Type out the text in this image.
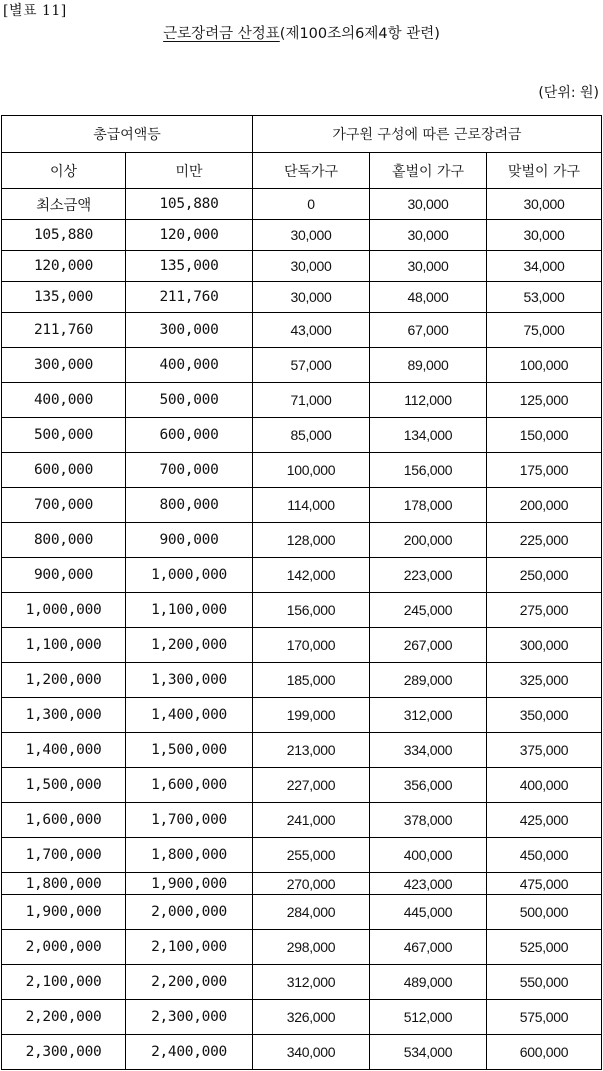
[별표 11]
근로장려금 산정표(제100조의6제4항 관련)
(단위: 원)
총급여액등		가구원 구성에 따른 근로장려금		
이상	미만	단독가구	홑벌이 가구	맞벌이 가구
최소금액	105,880	0	30,000	30,000
105,880	120,000	30,000	30,000	30,000
120,000	135,000	30,000	30,000	34,000
135,000	211,760	30,000	48,000	53,000
211,760	300,000	43,000	67,000	75,000
300,000	400,000	57,000	89,000	100,000
400,000	500,000	71,000	112,000	125,000
500,000	600,000	85,000	134,000	150,000
600,000	700,000	100,000	156,000	175,000
700,000	800,000	114,000	178,000	200,000
800,000	900,000	128,000	200,000	225,000
900,000	1,000,000	142,000	223,000	250,000
1,000,000	1,100,000	156,000	245,000	275,000
1,100,000	1,200,000	170,000	267,000	300,000
1,200,000	1,300,000	185,000	289,000	325,000
1,300,000	1,400,000	199,000	312,000	350,000
1,400,000	1,500,000	213,000	334,000	375,000
1,500,000	1,600,000	227,000	356,000	400,000
1,600,000	1,700,000	241,000	378,000	425,000
1,700,000	1,800,000	255,000	400,000	450,000
1,800,000	1,900,000	270,000	423,000	475,000
1,900,000	2,000,000	284,000	445,000	500,000
2,000,000	2,100,000	298,000	467,000	525,000
2,100,000	2,200,000	312,000	489,000	550,000
2,200,000	2,300,000	326,000	512,000	575,000
2,300,000	2,400,000	340,000	534,000	600,000
